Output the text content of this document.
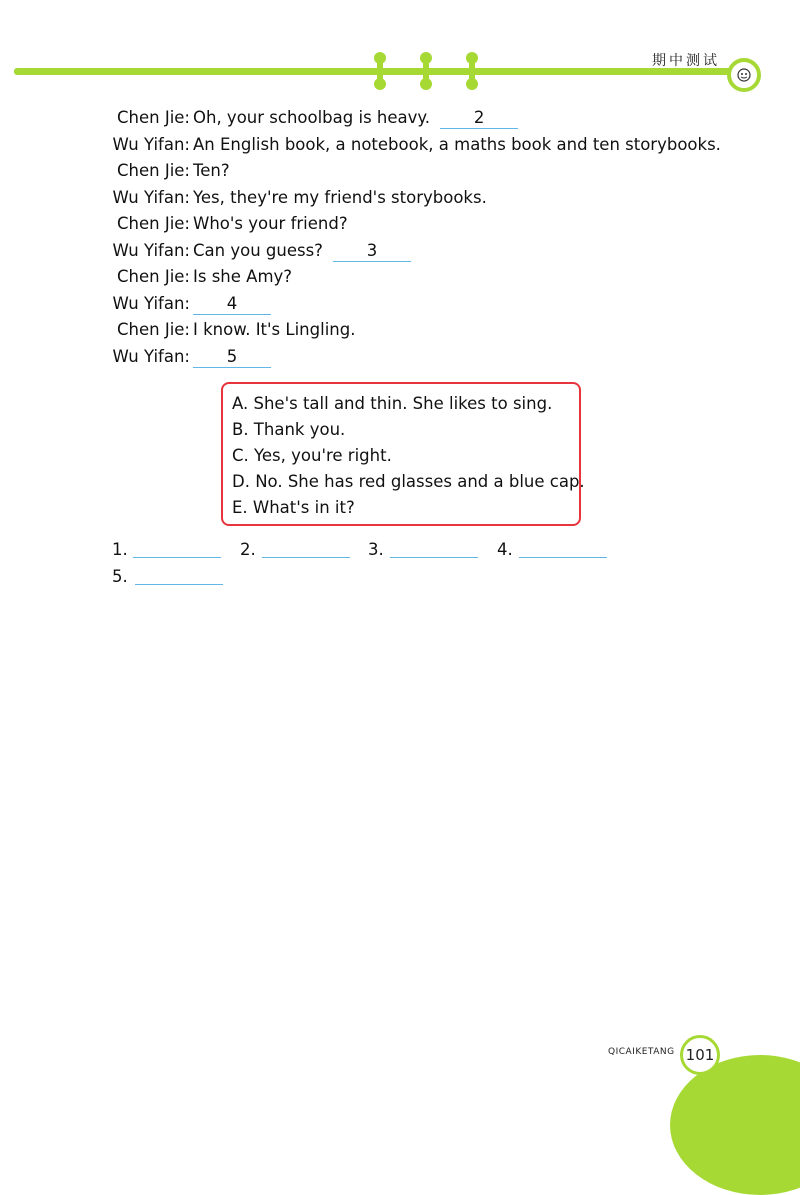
期中测试
Chen Jie: Oh, your schoolbag is heavy.	2
Wu Yifan: An English book, a notebook, a maths book and ten storybooks.
Chen Jie: Ten?
Wu Yifan: Yes, they're my friend's storybooks.
Chen Jie: Who's your friend?
Wu Yifan: Can you guess?	3
Chen Jie: Is she Amy?
Wu Yifan:	4
Chen Jie: I know. It's Lingling.
Wu Yifan:	5
A. She's tall and thin. She likes to sing.
B. Thank you.
C. Yes, you're right.
D. No. She has red glasses and a blue cap.
E. What's in it?
1.	2.	3.	4.
5.
QICAIKETANG 101
